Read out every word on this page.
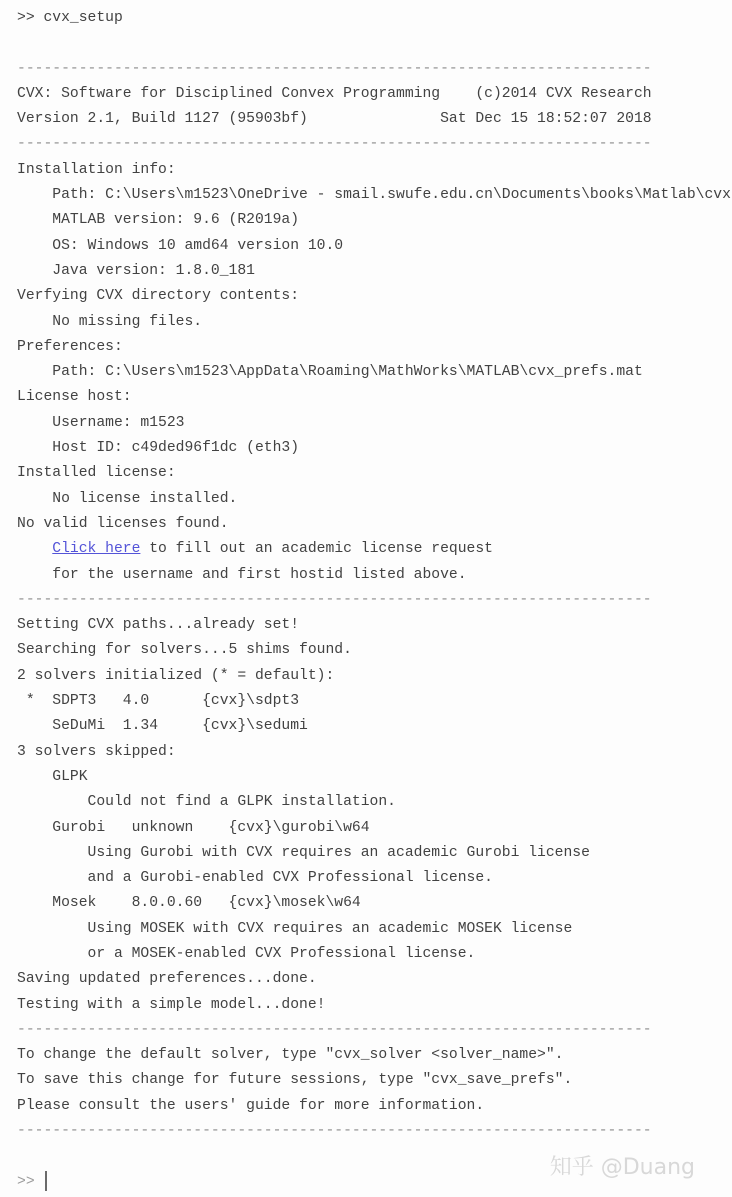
>> cvx_setup

------------------------------------------------------------------------
CVX: Software for Disciplined Convex Programming    (c)2014 CVX Research
Version 2.1, Build 1127 (95903bf)               Sat Dec 15 18:52:07 2018
------------------------------------------------------------------------
Installation info:
Path: C:\Users\m1523\OneDrive - smail.swufe.edu.cn\Documents\books\Matlab\cvx
MATLAB version: 9.6 (R2019a)
OS: Windows 10 amd64 version 10.0
Java version: 1.8.0_181
Verfying CVX directory contents:
No missing files.
Preferences:
Path: C:\Users\m1523\AppData\Roaming\MathWorks\MATLAB\cvx_prefs.mat
License host:
Username: m1523
Host ID: c49ded96f1dc (eth3)
Installed license:
No license installed.
No valid licenses found.
Click here to fill out an academic license request
for the username and first hostid listed above.
------------------------------------------------------------------------
Setting CVX paths...already set!
Searching for solvers...5 shims found.
2 solvers initialized (* = default):
*  SDPT3   4.0      {cvx}\sdpt3
SeDuMi  1.34     {cvx}\sedumi
3 solvers skipped:
GLPK
Could not find a GLPK installation.
Gurobi   unknown    {cvx}\gurobi\w64
Using Gurobi with CVX requires an academic Gurobi license
and a Gurobi-enabled CVX Professional license.
Mosek    8.0.0.60   {cvx}\mosek\w64
Using MOSEK with CVX requires an academic MOSEK license
or a MOSEK-enabled CVX Professional license.
Saving updated preferences...done.
Testing with a simple model...done!
------------------------------------------------------------------------
To change the default solver, type "cvx_solver <solver_name>".
To save this change for future sessions, type "cvx_save_prefs".
Please consult the users' guide for more information.
------------------------------------------------------------------------

>>
知乎 @Duang
